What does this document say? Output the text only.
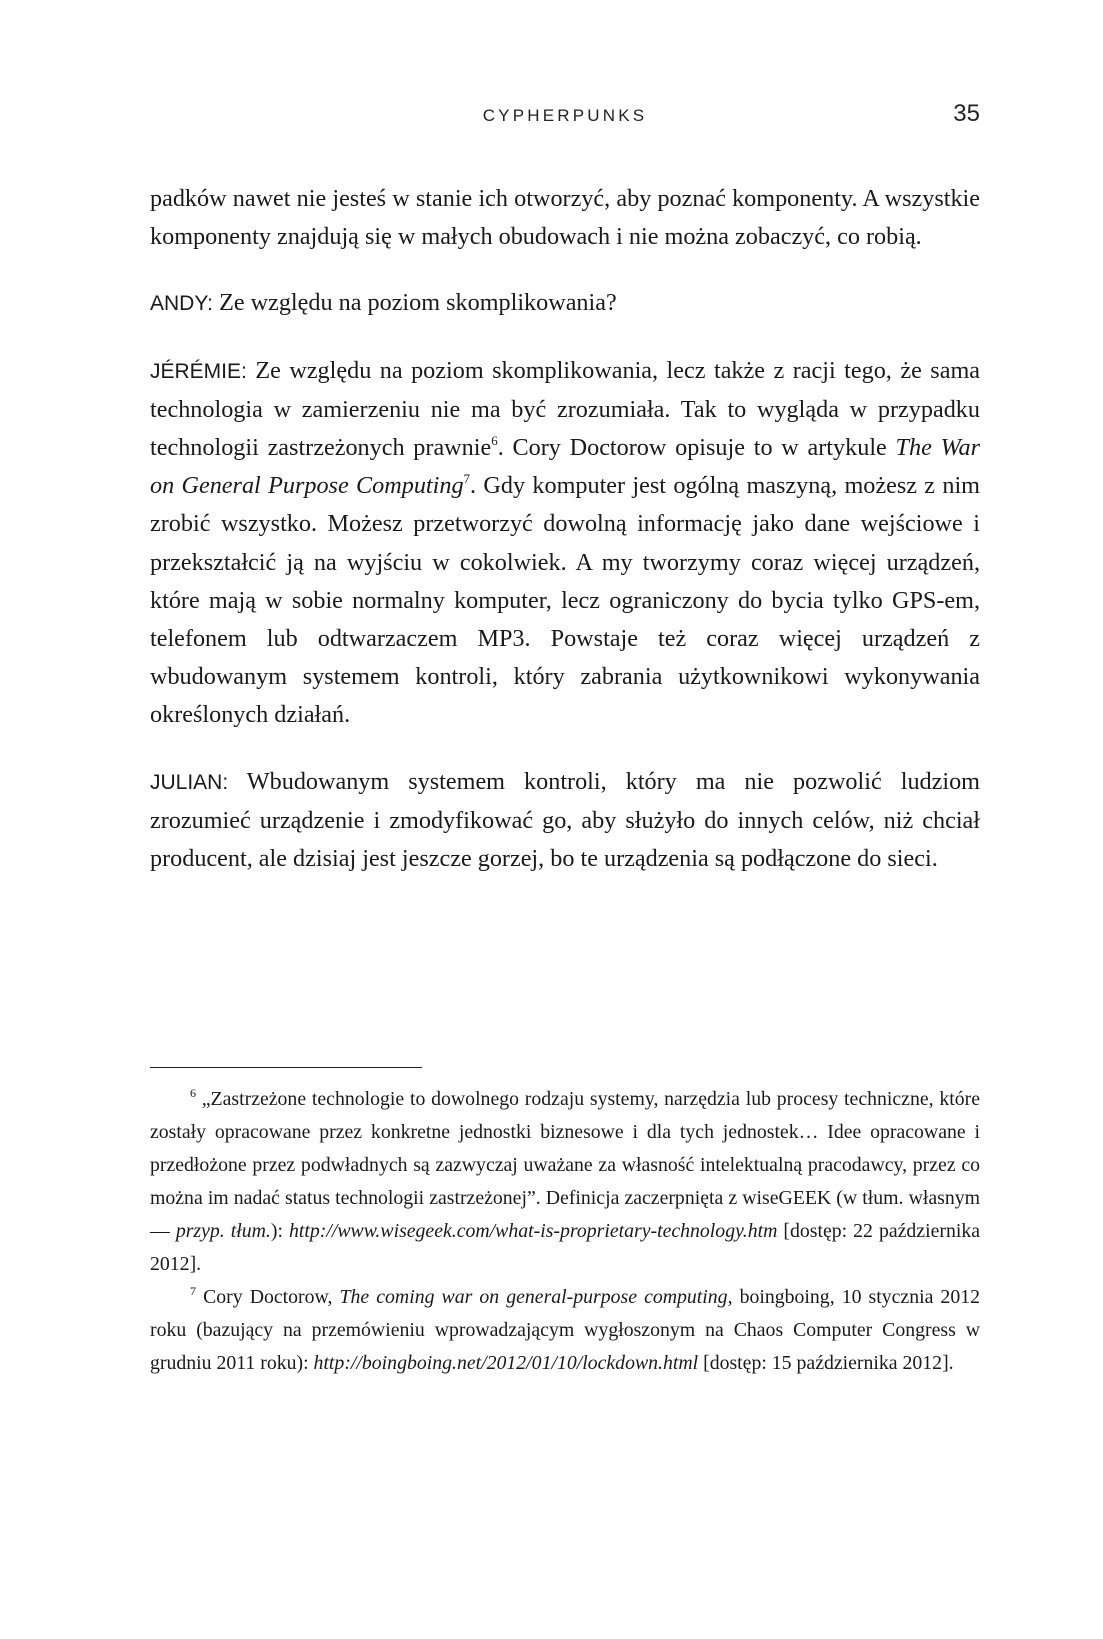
CYPHERPUNKS	35

padków nawet nie jesteś w stanie ich otworzyć, aby poznać komponenty. A wszystkie komponenty znajdują się w małych obudowach i nie można zobaczyć, co robią.

ANDY: Ze względu na poziom skomplikowania?

JÉRÉMIE: Ze względu na poziom skomplikowania, lecz także z racji tego, że sama technologia w zamierzeniu nie ma być zrozumiała. Tak to wygląda w przypadku technologii zastrzeżonych prawnie$^6$. Cory Doctorow opisuje to w artykule The War on General Purpose Computing$^7$. Gdy komputer jest ogólną maszyną, możesz z nim zrobić wszystko. Możesz przetworzyć dowolną informację jako dane wejściowe i przekształcić ją na wyjściu w cokolwiek. A my tworzymy coraz więcej urządzeń, które mają w sobie normalny komputer, lecz ograniczony do bycia tylko GPS-em, telefonem lub odtwarzaczem MP3. Powstaje też coraz więcej urządzeń z wbudowanym systemem kontroli, który zabrania użytkownikowi wykonywania określonych działań.

JULIAN: Wbudowanym systemem kontroli, który ma nie pozwolić ludziom zrozumieć urządzenie i zmodyfikować go, aby służyło do innych celów, niż chciał producent, ale dzisiaj jest jeszcze gorzej, bo te urządzenia są podłączone do sieci.

$^6$ „Zastrzeżone technologie to dowolnego rodzaju systemy, narzędzia lub procesy techniczne, które zostały opracowane przez konkretne jednostki biznesowe i dla tych jednostek… Idee opracowane i przedłożone przez podwładnych są zazwyczaj uważane za własność intelektualną pracodawcy, przez co można im nadać status technologii zastrzeżonej”. Definicja zaczerpnięta z wiseGEEK (w tłum. własnym — przyp. tłum.): http://www.wisegeek.com/what-is-proprietary-technology.htm [dostęp: 22 października 2012].

$^7$ Cory Doctorow, The coming war on general-purpose computing, boingboing, 10 stycznia 2012 roku (bazujący na przemówieniu wprowadzającym wygłoszonym na Chaos Computer Congress w grudniu 2011 roku): http://boingboing.net/2012/01/10/lockdown.html [dostęp: 15 października 2012].
